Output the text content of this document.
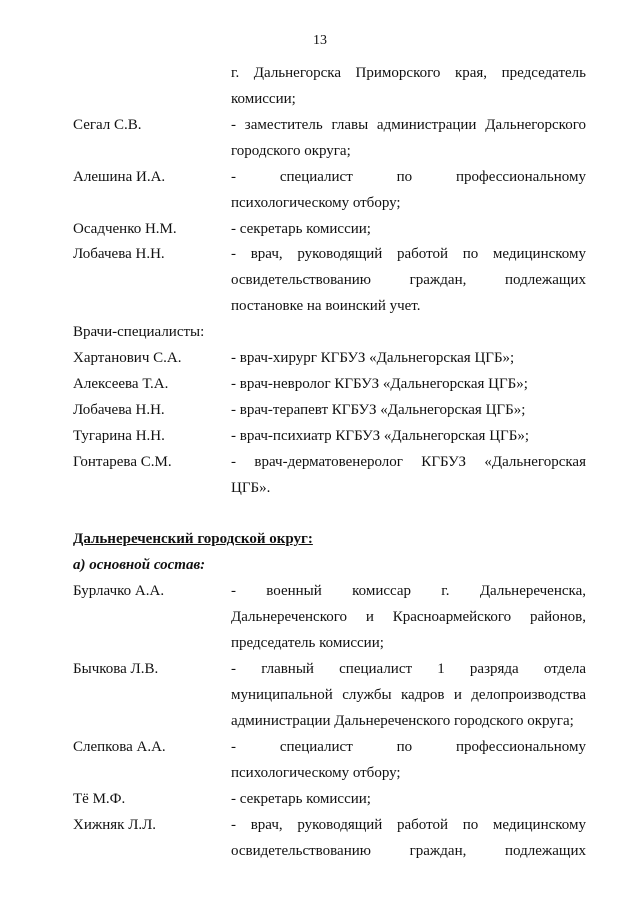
13
г. Дальнегорска Приморского края, председатель
комиссии;
Сегал С.В.	- заместитель главы администрации Дальнегорского
городского округа;
Алешина И.А.	- специалист по профессиональному
психологическому отбору;
Осадченко Н.М.	- секретарь комиссии;
Лобачева Н.Н.	- врач, руководящий работой по медицинскому
освидетельствованию граждан, подлежащих
постановке на воинский учет.
Врачи-специалисты:
Хартанович С.А.	- врач-хирург КГБУЗ «Дальнегорская ЦГБ»;
Алексеева Т.А.	- врач-невролог КГБУЗ «Дальнегорская ЦГБ»;
Лобачева Н.Н.	- врач-терапевт КГБУЗ «Дальнегорская ЦГБ»;
Тугарина Н.Н.	- врач-психиатр КГБУЗ «Дальнегорская ЦГБ»;
Гонтарева С.М.	- врач-дерматовенеролог КГБУЗ «Дальнегорская
ЦГБ».
Дальнереченский городской округ:
а) основной состав:
Бурлачко А.А.	- военный комиссар г. Дальнереченска,
Дальнереченского и Красноармейского районов,
председатель комиссии;
Бычкова Л.В.	- главный специалист 1 разряда отдела
муниципальной службы кадров и делопроизводства
администрации Дальнереченского городского округа;
Слепкова А.А.	- специалист по профессиональному
психологическому отбору;
Тё М.Ф.	- секретарь комиссии;
Хижняк Л.Л.	- врач, руководящий работой по медицинскому
освидетельствованию граждан, подлежащих
